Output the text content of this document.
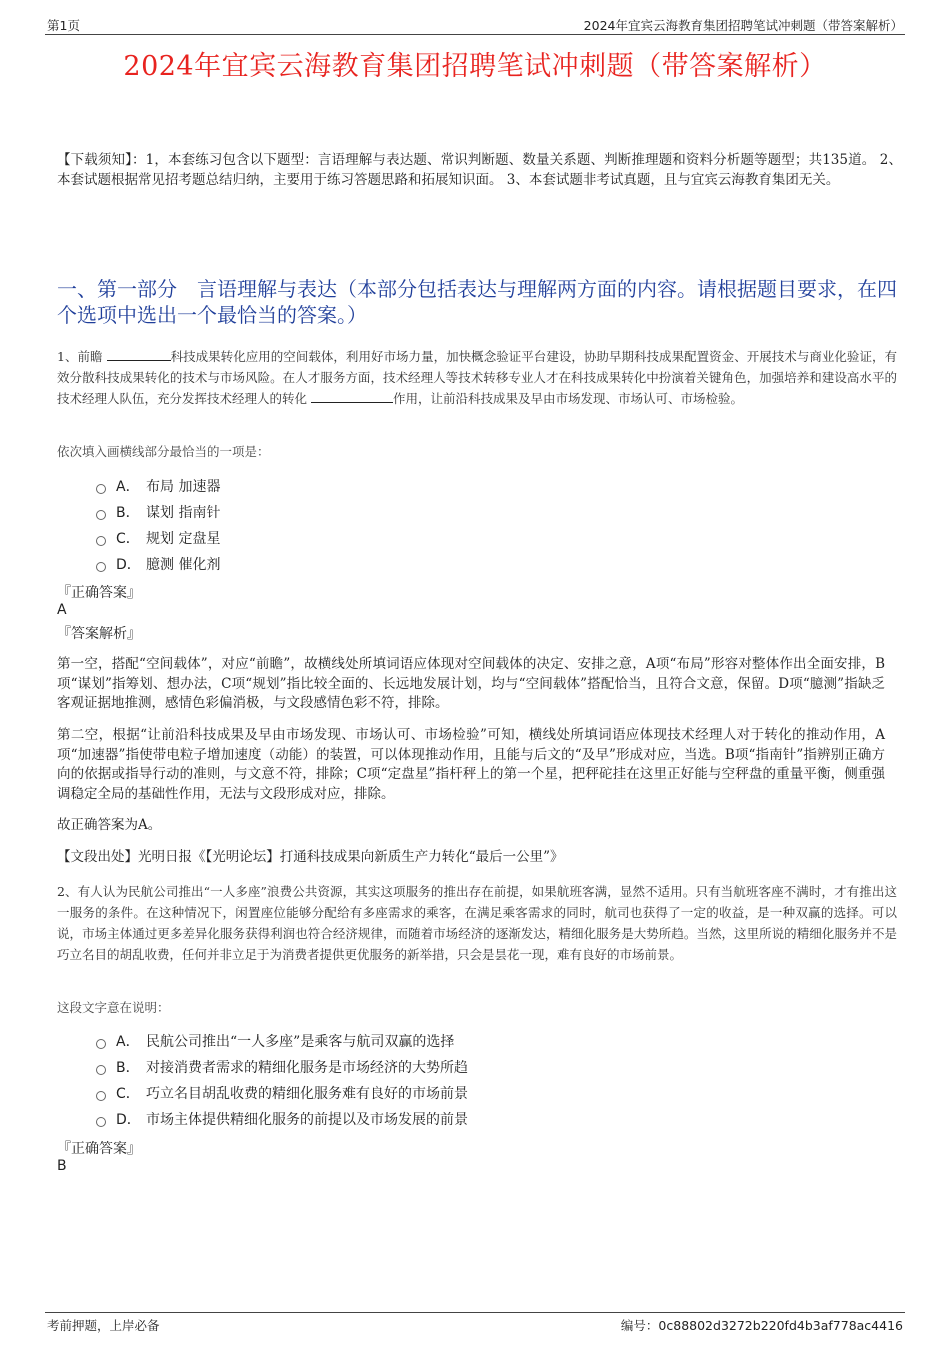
第1页	2024年宜宾云海教育集团招聘笔试冲刺题（带答案解析）
2024年宜宾云海教育集团招聘笔试冲刺题（带答案解析）
【下载须知】：1，本套练习包含以下题型：言语理解与表达题、常识判断题、数量关系题、判断推理题和资料分析题等题型；共135道。 2、本套试题根据常见招考题总结归纳，主要用于练习答题思路和拓展知识面。 3、本套试题非考试真题，且与宜宾云海教育集团无关。
一、第一部分　言语理解与表达（本部分包括表达与理解两方面的内容。请根据题目要求，在四个选项中选出一个最恰当的答案。）
1、前瞻	科技成果转化应用的空间载体，利用好市场力量，加快概念验证平台建设，协助早期科技成果配置资金、开展技术与商业化验证，有效分散科技成果转化的技术与市场风险。在人才服务方面，技术经理人等技术转移专业人才在科技成果转化中扮演着关键角色，加强培养和建设高水平的技术经理人队伍，充分发挥技术经理人的转化	作用，让前沿科技成果及早由市场发现、市场认可、市场检验。
依次填入画横线部分最恰当的一项是：
A． 布局 加速器
B． 谋划 指南针
C． 规划 定盘星
D． 臆测 催化剂
『正确答案』
A
『答案解析』
第一空，搭配“空间载体”，对应“前瞻”，故横线处所填词语应体现对空间载体的决定、安排之意，A项“布局”形容对整体作出全面安排，B项“谋划”指筹划、想办法，C项“规划”指比较全面的、长远地发展计划，均与“空间载体”搭配恰当，且符合文意，保留。D项“臆测”指缺乏客观证据地推测，感情色彩偏消极，与文段感情色彩不符，排除。
第二空，根据“让前沿科技成果及早由市场发现、市场认可、市场检验”可知，横线处所填词语应体现技术经理人对于转化的推动作用，A项“加速器”指使带电粒子增加速度（动能）的装置，可以体现推动作用，且能与后文的“及早”形成对应，当选。B项“指南针”指辨别正确方向的依据或指导行动的准则，与文意不符，排除；C项“定盘星”指杆秤上的第一个星，把秤砣挂在这里正好能与空秤盘的重量平衡，侧重强调稳定全局的基础性作用，无法与文段形成对应，排除。
故正确答案为A。
【文段出处】光明日报《【光明论坛】打通科技成果向新质生产力转化“最后一公里”》
2、有人认为民航公司推出“一人多座”浪费公共资源，其实这项服务的推出存在前提，如果航班客满，显然不适用。只有当航班客座不满时，才有推出这一服务的条件。在这种情况下，闲置座位能够分配给有多座需求的乘客，在满足乘客需求的同时，航司也获得了一定的收益，是一种双赢的选择。可以说，市场主体通过更多差异化服务获得利润也符合经济规律，而随着市场经济的逐渐发达，精细化服务是大势所趋。当然，这里所说的精细化服务并不是巧立名目的胡乱收费，任何并非立足于为消费者提供更优服务的新举措，只会是昙花一现，难有良好的市场前景。
这段文字意在说明：
A． 民航公司推出“一人多座”是乘客与航司双赢的选择
B． 对接消费者需求的精细化服务是市场经济的大势所趋
C． 巧立名目胡乱收费的精细化服务难有良好的市场前景
D． 市场主体提供精细化服务的前提以及市场发展的前景
『正确答案』
B
考前押题，上岸必备	编号：0c88802d3272b220fd4b3af778ac4416
